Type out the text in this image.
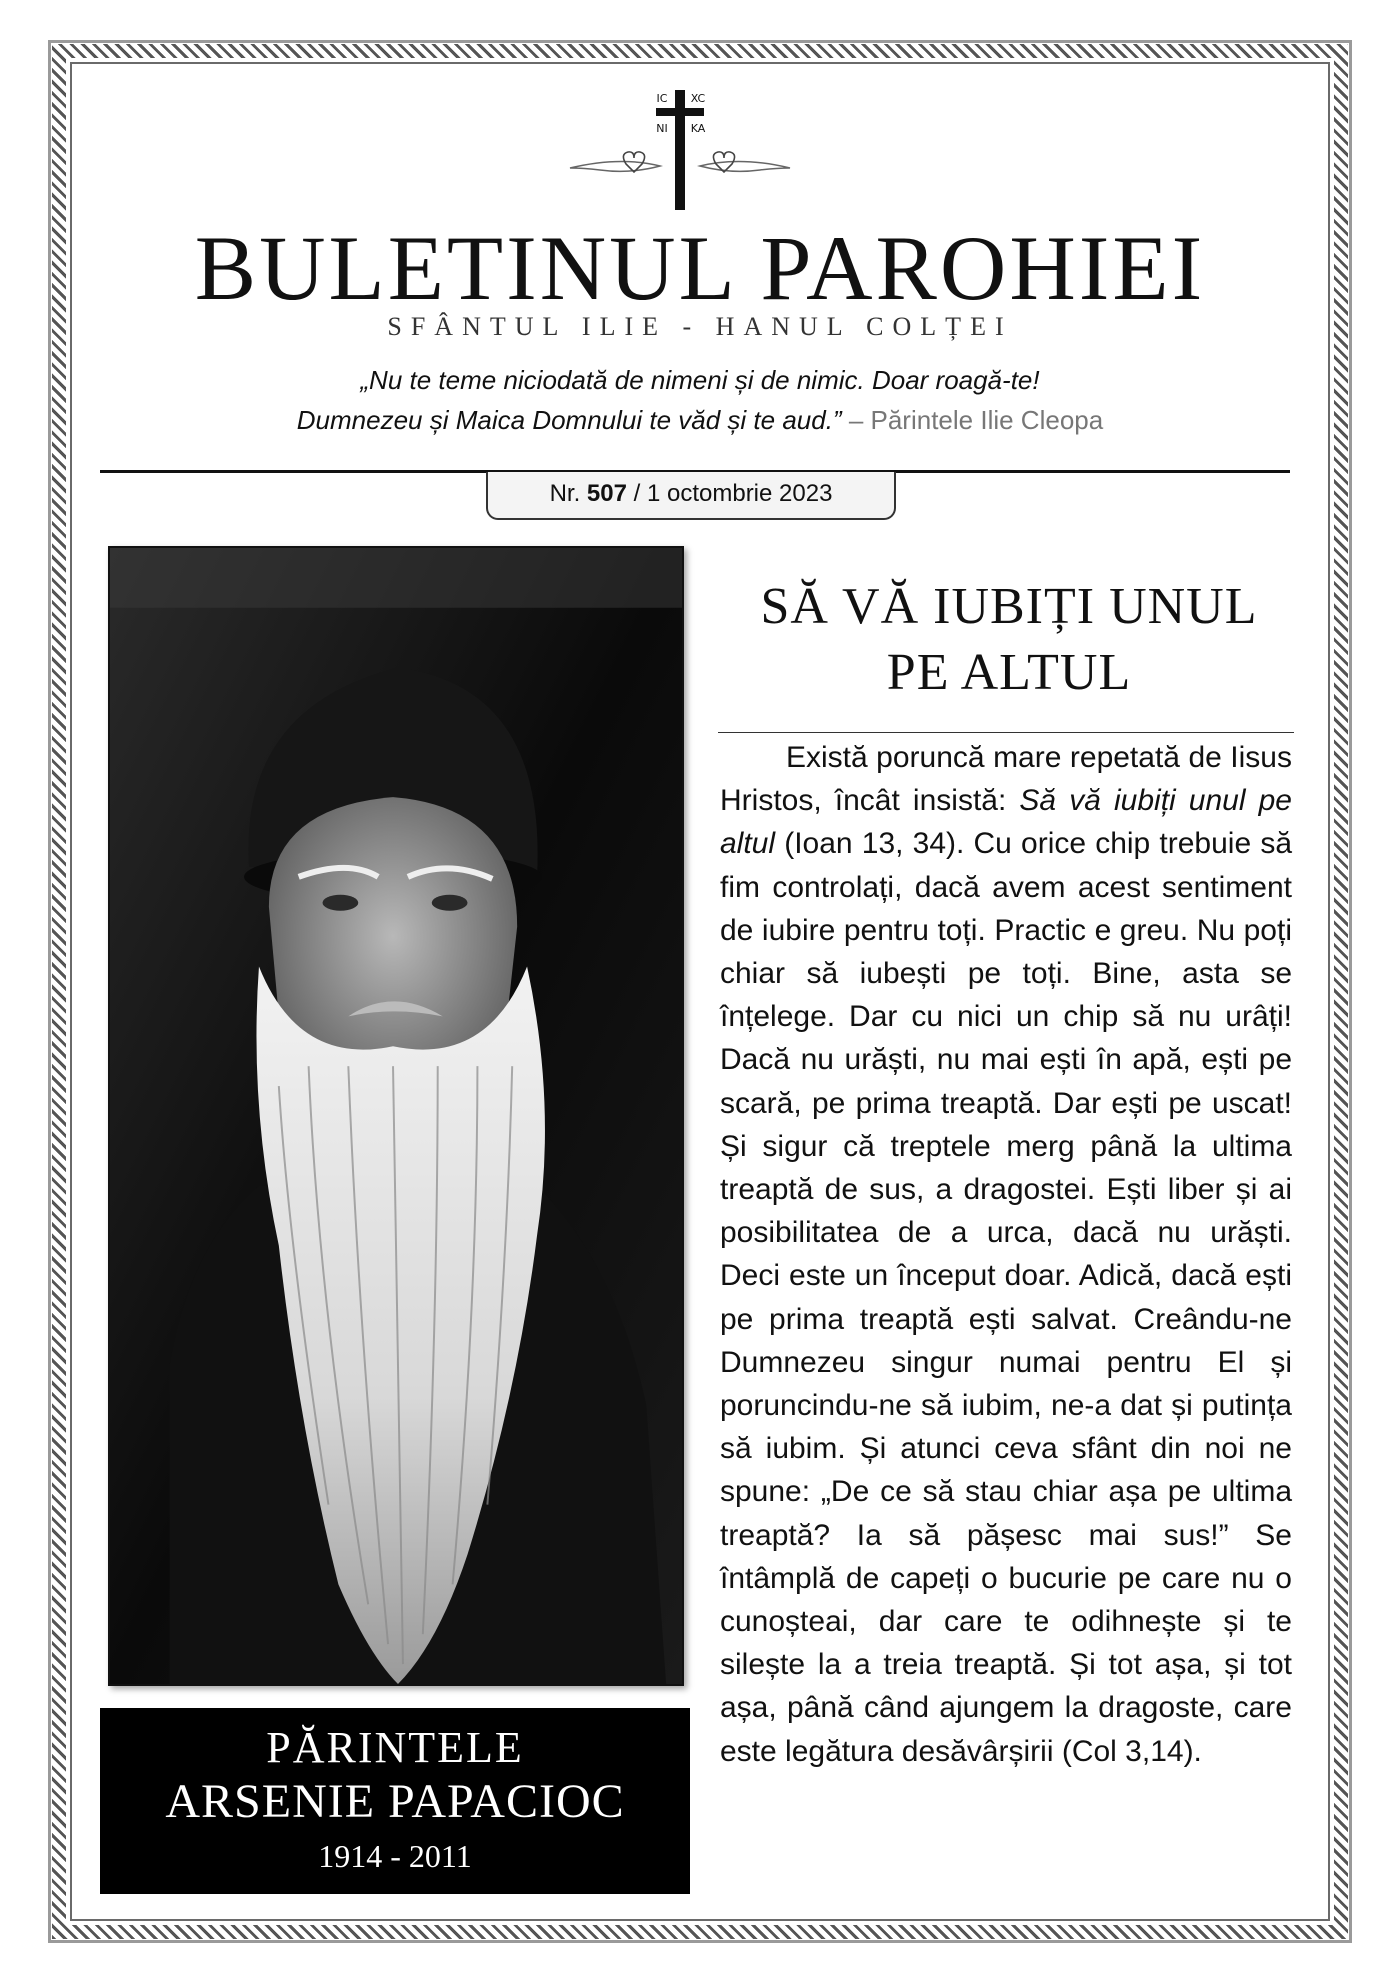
IC XC
NI KA
BULETINUL PAROHIEI
SFÂNTUL ILIE - HANUL COLȚEI
„Nu te teme niciodată de nimeni și de nimic. Doar roagă-te!
Dumnezeu și Maica Domnului te văd și te aud.” – Părintele Ilie Cleopa
Nr. 507 / 1 octombrie 2023
PĂRINTELE
ARSENIE PAPACIOC
1914 - 2011
SĂ VĂ IUBIȚI UNUL
PE ALTUL
Există poruncă mare repetată de Iisus Hristos, încât insistă: Să vă iubiți unul pe altul (Ioan 13, 34). Cu orice chip trebuie să fim controlați, dacă avem acest sentiment de iubire pentru toți. Practic e greu. Nu poți chiar să iubești pe toți. Bine, asta se înțelege. Dar cu nici un chip să nu urâți! Dacă nu urăști, nu mai ești în apă, ești pe scară, pe prima treaptă. Dar ești pe uscat! Și sigur că treptele merg până la ultima treaptă de sus, a dragostei. Ești liber și ai posibilitatea de a urca, dacă nu urăști. Deci este un început doar. Adică, dacă ești pe prima treaptă ești salvat. Creându-ne Dumnezeu singur numai pentru El și poruncindu-ne să iubim, ne-a dat și putința să iubim. Și atunci ceva sfânt din noi ne spune: „De ce să stau chiar așa pe ultima treaptă? Ia să pășesc mai sus!” Se întâmplă de capeți o bucurie pe care nu o cunoșteai, dar care te odihnește și te silește la a treia treaptă. Și tot așa, și tot așa, până când ajungem la dragoste, care este legătura desăvârșirii (Col 3,14).
